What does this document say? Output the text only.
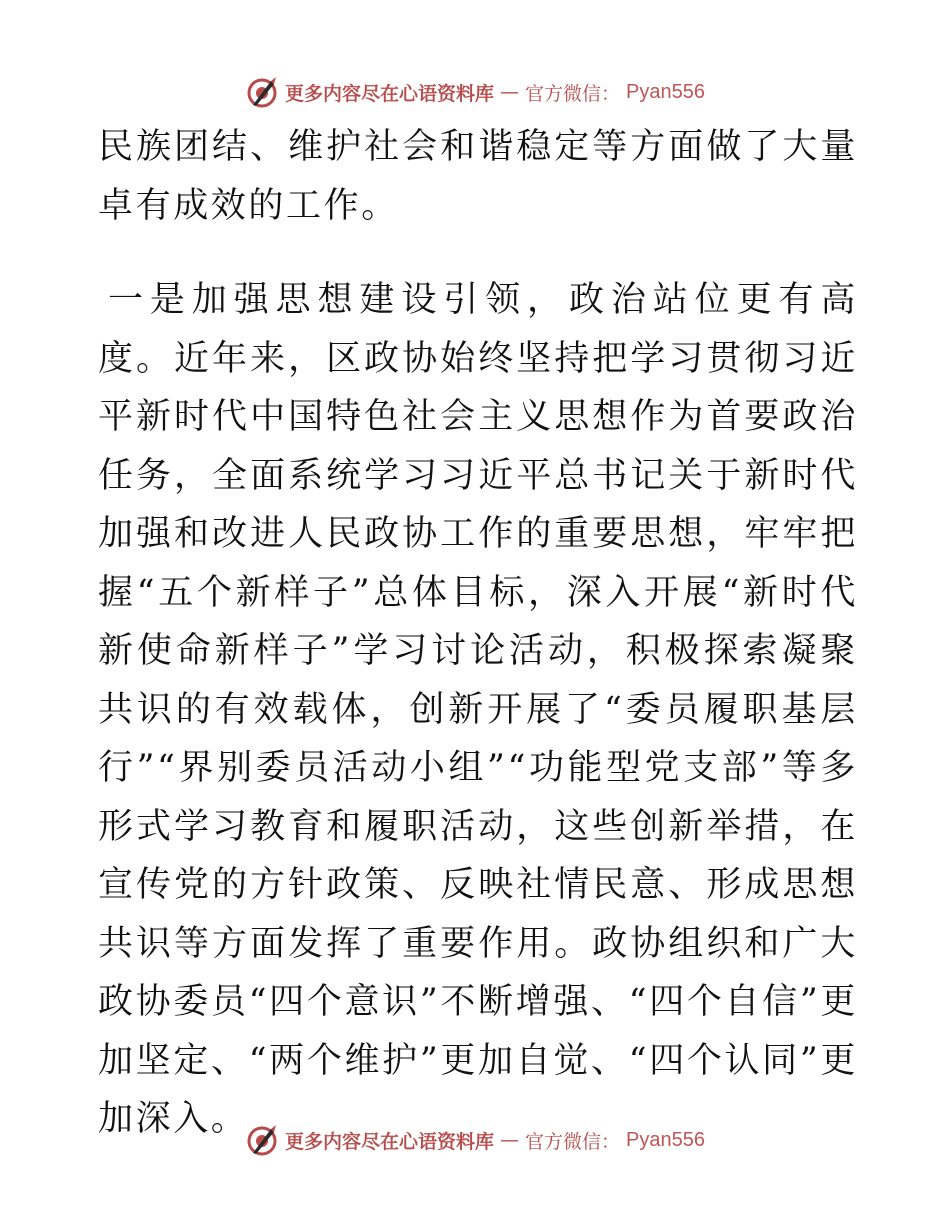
更多内容尽在心语资料库 — 官方微信： Pyan556

民族团结、维护社会和谐稳定等方面做了大量卓有成效的工作。

一是加强思想建设引领，政治站位更有高度。近年来，区政协始终坚持把学习贯彻习近平新时代中国特色社会主义思想作为首要政治任务，全面系统学习习近平总书记关于新时代加强和改进人民政协工作的重要思想，牢牢把握“五个新样子”总体目标，深入开展“新时代新使命新样子”学习讨论活动，积极探索凝聚共识的有效载体，创新开展了“委员履职基层行”“界别委员活动小组”“功能型党支部”等多形式学习教育和履职活动，这些创新举措，在宣传党的方针政策、反映社情民意、形成思想共识等方面发挥了重要作用。政协组织和广大政协委员“四个意识”不断增强、“四个自信”更加坚定、“两个维护”更加自觉、“四个认同”更加深入。

更多内容尽在心语资料库 — 官方微信： Pyan556
